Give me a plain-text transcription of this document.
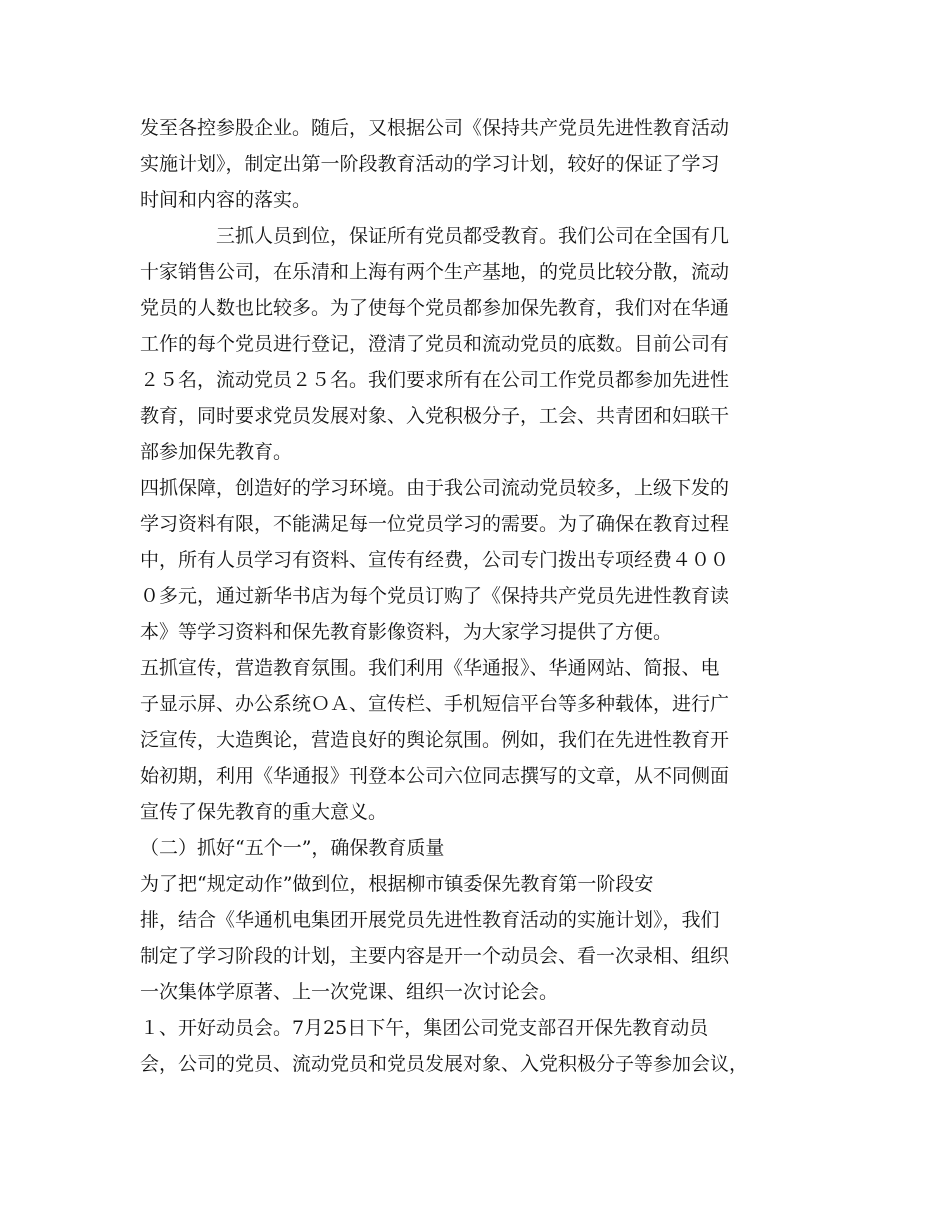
发至各控参股企业。随后，又根据公司《保持共产党员先进性教育活动
实施计划》，制定出第一阶段教育活动的学习计划，较好的保证了学习
时间和内容的落实。
三抓人员到位，保证所有党员都受教育。我们公司在全国有几
十家销售公司，在乐清和上海有两个生产基地，的党员比较分散，流动
党员的人数也比较多。为了使每个党员都参加保先教育，我们对在华通
工作的每个党员进行登记，澄清了党员和流动党员的底数。目前公司有
２５名，流动党员２５名。我们要求所有在公司工作党员都参加先进性
教育，同时要求党员发展对象、入党积极分子，工会、共青团和妇联干
部参加保先教育。
四抓保障，创造好的学习环境。由于我公司流动党员较多，上级下发的
学习资料有限，不能满足每一位党员学习的需要。为了确保在教育过程
中，所有人员学习有资料、宣传有经费，公司专门拨出专项经费４００
０多元，通过新华书店为每个党员订购了《保持共产党员先进性教育读
本》等学习资料和保先教育影像资料，为大家学习提供了方便。
五抓宣传，营造教育氛围。我们利用《华通报》、华通网站、简报、电
子显示屏、办公系统ＯＡ、宣传栏、手机短信平台等多种载体，进行广
泛宣传，大造舆论，营造良好的舆论氛围。例如，我们在先进性教育开
始初期，利用《华通报》刊登本公司六位同志撰写的文章，从不同侧面
宣传了保先教育的重大意义。
（二）抓好“五个一”，确保教育质量
为了把“规定动作”做到位，根据柳市镇委保先教育第一阶段安
排，结合《华通机电集团开展党员先进性教育活动的实施计划》，我们
制定了学习阶段的计划，主要内容是开一个动员会、看一次录相、组织
一次集体学原著、上一次党课、组织一次讨论会。
１、开好动员会。7月25日下午，集团公司党支部召开保先教育动员
会，公司的党员、流动党员和党员发展对象、入党积极分子等参加会议，
